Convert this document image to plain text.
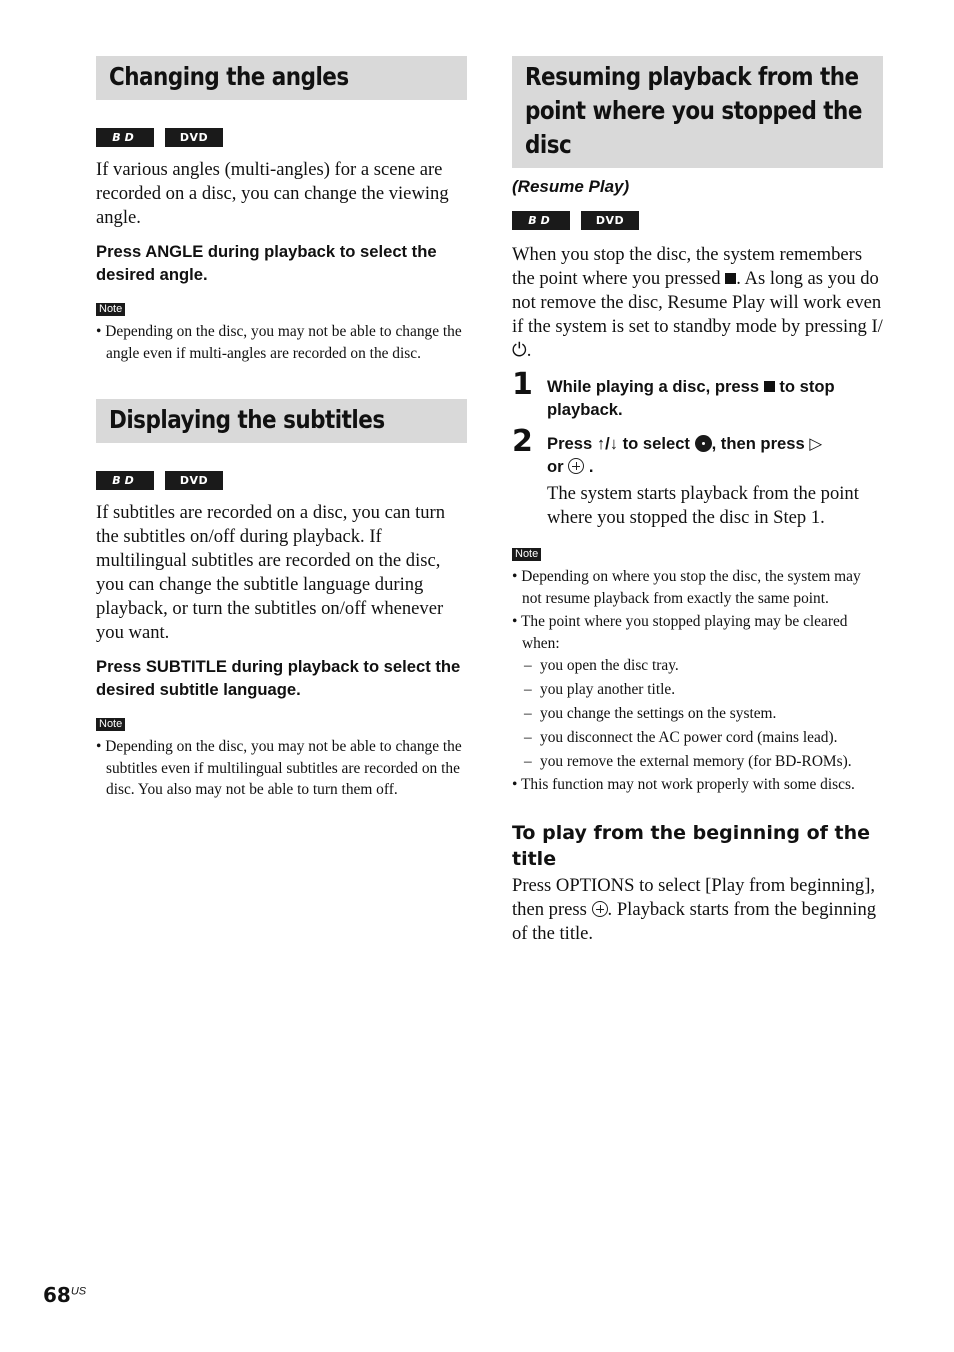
Changing the angles
BD	DVD

If various angles (multi-angles) for a scene are recorded on a disc, you can change the viewing angle.

Press ANGLE during playback to select the desired angle.

Note
• Depending on the disc, you may not be able to change the angle even if multi-angles are recorded on the disc.
Displaying the subtitles
BD	DVD

If subtitles are recorded on a disc, you can turn the subtitles on/off during playback. If multilingual subtitles are recorded on the disc, you can change the subtitle language during playback, or turn the subtitles on/off whenever you want.

Press SUBTITLE during playback to select the desired subtitle language.

Note
• Depending on the disc, you may not be able to change the subtitles even if multilingual subtitles are recorded on the disc. You also may not be able to turn them off.
Resuming playback from the
point where you stopped the
disc
(Resume Play)
BD	DVD

When you stop the disc, the system remembers the point where you pressed . As long as you do not remove the disc, Resume Play will work even if the system is set to standby mode by pressing I/⏻.

1 While playing a disc, press  to stop playback.
2 Press ↑/↓ to select , then press ▷
or  .

The system starts playback from the point where you stopped the disc in Step 1.

Note
• Depending on where you stop the disc, the system may not resume playback from exactly the same point.
• The point where you stopped playing may be cleared when:
– you open the disc tray.
– you play another title.
– you change the settings on the system.
– you disconnect the AC power cord (mains lead).
– you remove the external memory (for BD-ROMs).
• This function may not work properly with some discs.
To play from the beginning of the title

Press OPTIONS to select [Play from beginning], then press . Playback starts from the beginning of the title.

$68^{US}$
